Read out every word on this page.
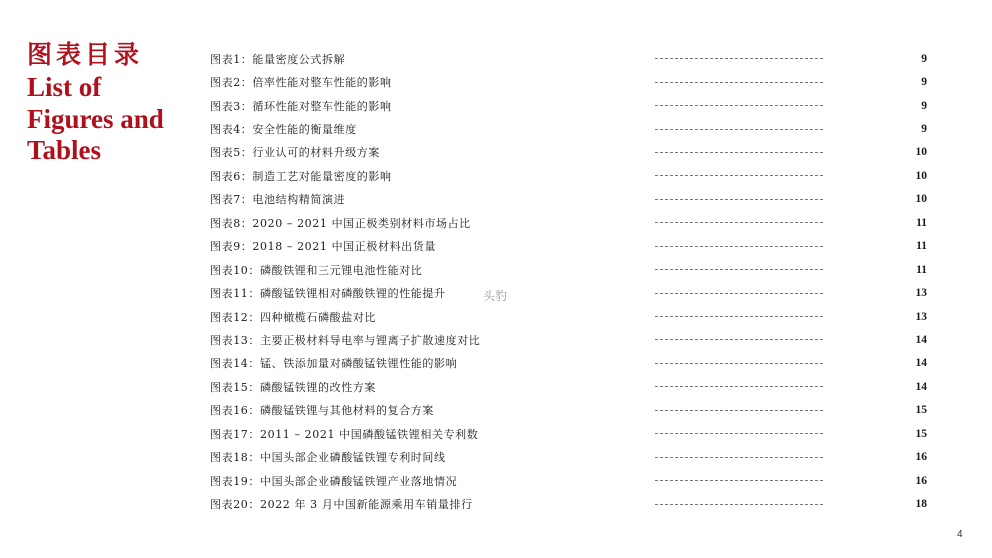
图表目录
List of Figures and Tables
图表1：能量密度公式拆解	9
图表2：倍率性能对整车性能的影响	9
图表3：循环性能对整车性能的影响	9
图表4：安全性能的衡量维度	9
图表5：行业认可的材料升级方案	10
图表6：制造工艺对能量密度的影响	10
图表7：电池结构精简演进	10
图表8：2020 – 2021 中国正极类别材料市场占比	11
图表9：2018 – 2021 中国正极材料出货量	11
图表10：磷酸铁锂和三元锂电池性能对比	11
图表11：磷酸锰铁锂相对磷酸铁锂的性能提升	13
图表12：四种橄榄石磷酸盐对比	13
图表13：主要正极材料导电率与锂离子扩散速度对比	14
图表14：锰、铁添加量对磷酸锰铁锂性能的影响	14
图表15：磷酸锰铁锂的改性方案	14
图表16：磷酸锰铁锂与其他材料的复合方案	15
图表17：2011 – 2021 中国磷酸锰铁锂相关专利数	15
图表18：中国头部企业磷酸锰铁锂专利时间线	16
图表19：中国头部企业磷酸锰铁锂产业落地情况	16
图表20：2022 年 3 月中国新能源乘用车销量排行	18
头豹
4
